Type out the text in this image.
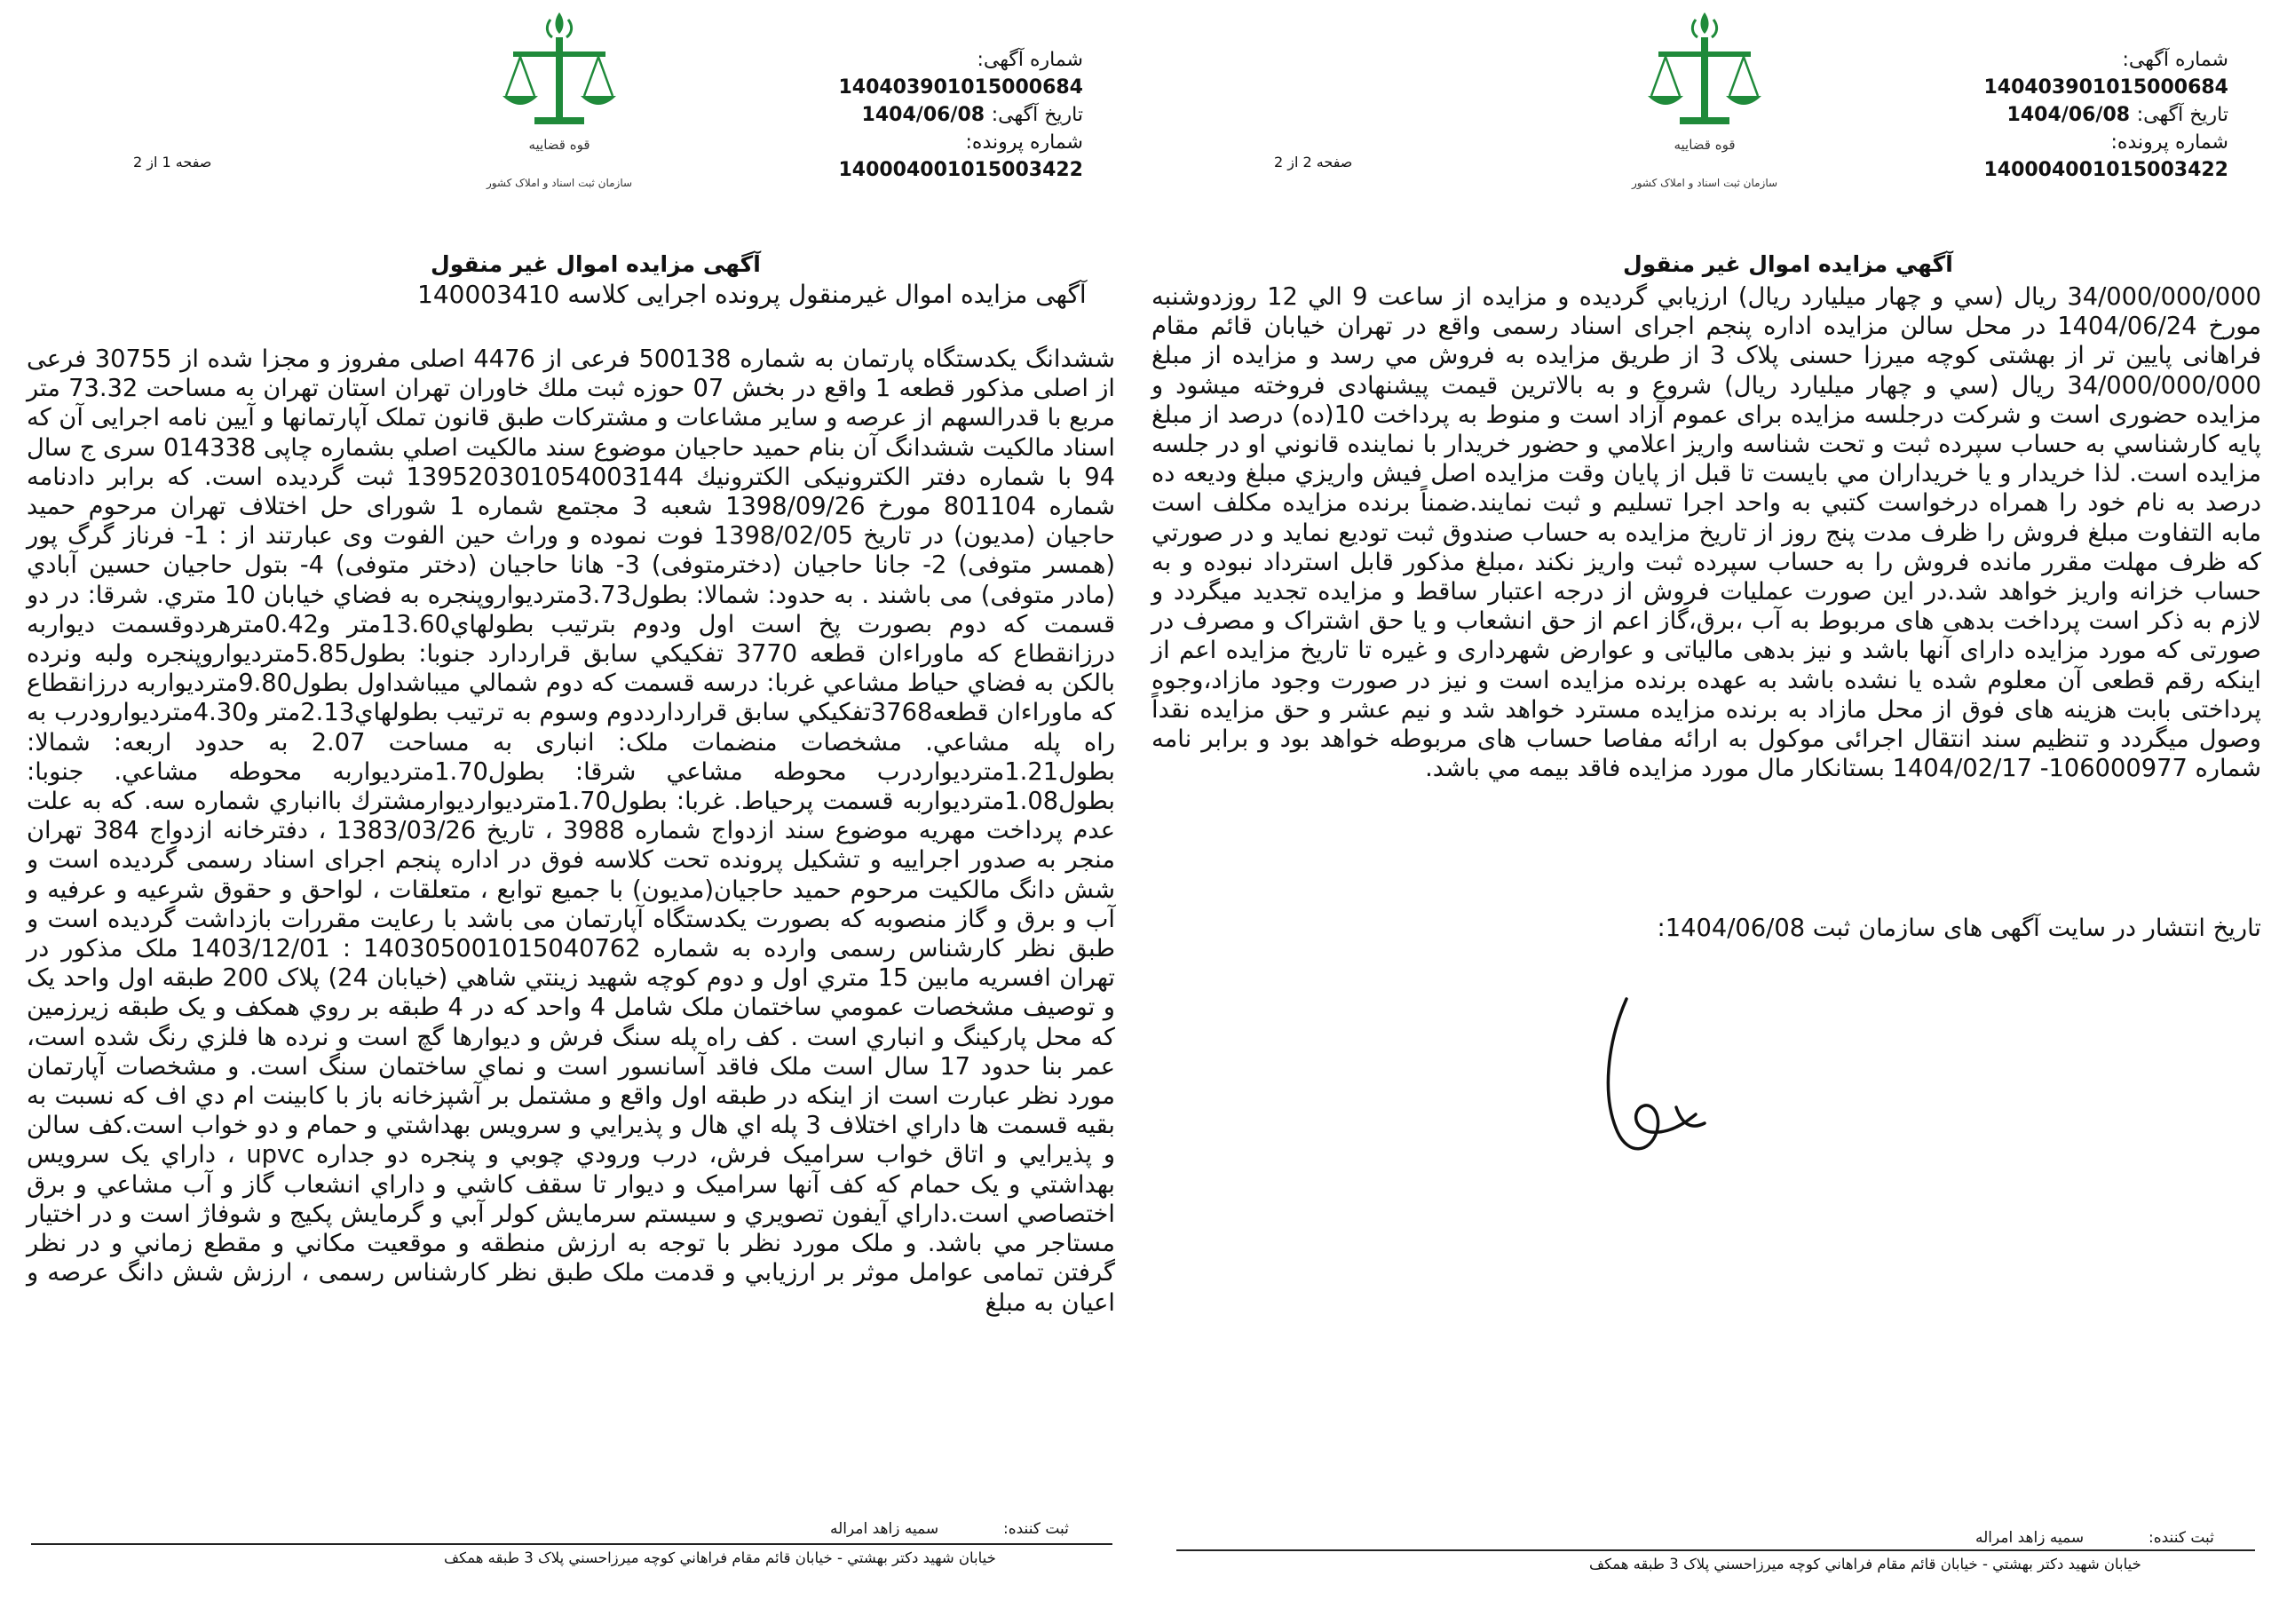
شماره آگهی: 140403901015000684
تاریخ آگهی: 1404/06/08
شماره پرونده: 140004001015003422
قوه قضاییه
سازمان ثبت اسناد و املاک کشور
صفحه 1 از 2
آگهی مزایده اموال غیر منقول
آگهی مزایده اموال غیرمنقول پرونده اجرایی کلاسه 140003410
ششدانگ یکدستگاه پارتمان به شماره 500138 فرعی از 4476 اصلی مفروز و مجزا شده از 30755 فرعی از اصلی مذکور قطعه 1 واقع در بخش 07 حوزه ثبت ملك خاوران تهران استان تهران به مساحت 73.32 متر مربع با قدرالسهم از عرصه و سایر مشاعات و مشترکات طبق قانون تملک آپارتمانها و آیین نامه اجرایی آن که اسناد مالکیت ششدانگ آن بنام حمید حاجیان موضوع سند مالكيت اصلي بشماره چاپی 014338 سری ج سال 94 با شماره دفتر الکترونیکی الكترونيك 139520301054003144 ثبت گردیده است. که برابر دادنامه شماره 801104 مورخ 1398/09/26 شعبه 3 مجتمع شماره 1 شورای حل اختلاف تهران مرحوم حمید حاجیان (مدیون) در تاریخ 1398/02/05 فوت نموده و وراث حین الفوت وی عبارتند از : 1- فرناز گرگ پور (همسر متوفی) 2- جانا حاجیان (دخترمتوفی) 3- هانا حاجیان (دختر متوفی) 4- بتول حاجیان حسین آبادي (مادر متوفی) می باشند . به حدود: شمالا: بطول3.73متردیواروپنجره به فضاي خيابان 10 متري. شرقا: در دو قسمت که دوم بصورت پخ است اول ودوم بترتیب بطولهاي13.60متر و0.42مترهردوقسمت دیواربه درزانقطاع که ماوراءان قطعه 3770 تفکیکي سابق قراردارد جنوبا: بطول5.85متردیواروپنجره ولبه ونرده بالکن به فضاي حیاط مشاعي غربا: درسه قسمت که دوم شمالي میباشداول بطول9.80متردیواربه درزانقطاع که ماوراءان قطعه3768تفکیکي سابق قراردارددوم وسوم به ترتيب بطولهاي2.13متر و4.30متردیوارودرب به راه پله مشاعي. مشخصات منضمات ملک: انباری به مساحت 2.07 به حدود اربعه: شمالا: بطول1.21متردیواردرب محوطه مشاعي شرقا: بطول1.70متردیواربه محوطه مشاعي. جنوبا: بطول1.08متردیواربه قسمت پرحیاط. غربا: بطول1.70متردیواردیوارمشترك باانباري شماره سه. که به علت عدم پرداخت مهریه موضوع سند ازدواج شماره 3988 ، تاریخ 1383/03/26 ، دفترخانه ازدواج 384 تهران منجر به صدور اجراییه و تشکیل پرونده تحت کلاسه فوق در اداره پنجم اجرای اسناد رسمی گردیده است و شش دانگ مالکیت مرحوم حمید حاجیان(مدیون) با جميع توابع ، متعلقات ، لواحق و حقوق شرعیه و عرفیه و آب و برق و گاز منصوبه که بصورت یکدستگاه آپارتمان می باشد با رعایت مقررات بازداشت گردیده است و طبق نظر کارشناس رسمی وارده به شماره 140305001015040762 : 1403/12/01 ملک مذکور در تهران افسریه مابین 15 متري اول و دوم کوچه شهید زينتي شاهي (خیابان 24) پلاک 200 طبقه اول واحد یک و توصیف مشخصات عمومي ساختمان ملک شامل 4 واحد که در 4 طبقه بر روي همکف و یک طبقه زيرزمين که محل پارکینگ و انباري است . کف راه پله سنگ فرش و دیوارها گچ است و نرده ها فلزي رنگ شده است، عمر بنا حدود 17 سال است ملک فاقد آسانسور است و نماي ساختمان سنگ است. و مشخصات آپارتمان مورد نظر عبارت است از اینکه در طبقه اول واقع و مشتمل بر آشپزخانه باز با کابینت ام دي اف که نسبت به بقيه قسمت ها داراي اختلاف 3 پله اي هال و پذیرایي و سرویس بهداشتي و حمام و دو خواب است.کف سالن و پذیرایي و اتاق خواب سرامیک فرش، درب ورودي چوبي و پنجره دو جداره upvc ، داراي یک سرویس بهداشتي و یک حمام که کف آنها سرامیک و دیوار تا سقف کاشي و داراي انشعاب گاز و آب مشاعي و برق اختصاصي است.داراي آيفون تصويري و سیستم سرمایش کولر آبي و گرمایش پکیج و شوفاژ است و در اختیار مستاجر مي باشد. و ملک مورد نظر با توجه به ارزش منطقه و موقعیت مکاني و مقطع زماني و در نظر گرفتن تمامی عوامل موثر بر ارزیابي و قدمت ملک طبق نظر کارشناس رسمی ، ارزش شش دانگ عرصه و اعيان به مبلغ
ثبت کننده:
سمیه زاهد امراله
خيابان شهيد دكتر بهشتي - خيابان قائم مقام فراهاني كوچه ميرزاحسني پلاک 3 طبقه همکف
شماره آگهی: 140403901015000684
تاریخ آگهی: 1404/06/08
شماره پرونده: 140004001015003422
قوه قضاییه
سازمان ثبت اسناد و املاک کشور
صفحه 2 از 2
آگهي مزايده اموال غير منقول
34/000/000/000 ريال (سي و چهار ميليارد ريال) ارزيابي گرديده و مزايده از ساعت 9 الي 12 روزدوشنبه مورخ 1404/06/24 در محل سالن مزايده اداره پنجم اجرای اسناد رسمی واقع در تهران خيابان قائم مقام فراهانی پایین تر از بهشتی کوچه میرزا حسنی پلاک 3 از طريق مزايده به فروش مي رسد و مزايده از مبلغ 34/000/000/000 ريال (سي و چهار ميليارد ريال) شروع و به بالاترين قيمت پيشنهادی فروخته ميشود و مزايده حضوری است و شرکت درجلسه مزايده برای عموم آزاد است و منوط به پرداخت 10(ده) درصد از مبلغ پايه کارشناسي به حساب سپرده ثبت و تحت شناسه واريز اعلامي و حضور خريدار با نماينده قانوني او در جلسه مزايده است. لذا خريدار و يا خريداران مي بايست تا قبل از پايان وقت مزايده اصل فيش واريزي مبلغ وديعه ده درصد به نام خود را همراه درخواست کتبي به واحد اجرا تسليم و ثبت نمايند.ضمناً برنده مزايده مکلف است مابه التفاوت مبلغ فروش را ظرف مدت پنج روز از تاريخ مزايده به حساب صندوق ثبت توديع نمايد و در صورتي که ظرف مهلت مقرر مانده فروش را به حساب سپرده ثبت واريز نكند ،مبلغ مذکور قابل استرداد نبوده و به حساب خزانه واريز خواهد شد.در اين صورت عمليات فروش از درجه اعتبار ساقط و مزايده تجديد ميگردد و لازم به ذکر است پرداخت بدهی های مربوط به آب ،برق،گاز اعم از حق انشعاب و يا حق اشتراک و مصرف در صورتی که مورد مزايده دارای آنها باشد و نيز بدهی مالياتی و عوارض شهرداری و غيره تا تاريخ مزايده اعم از اينکه رقم قطعی آن معلوم شده يا نشده باشد به عهده برنده مزايده است و نيز در صورت وجود مازاد،وجوه پرداختی بابت هزينه های فوق از محل مازاد به برنده مزايده مسترد خواهد شد و نيم عشر و حق مزايده نقداً وصول ميگردد و تنظيم سند انتقال اجرائی موکول به ارائه مفاصا حساب های مربوطه خواهد بود و برابر نامه شماره 106000977- 1404/02/17 بستانکار مال مورد مزايده فاقد بيمه مي باشد.
تاریخ انتشار در سایت آگهی های سازمان ثبت 1404/06/08:
ثبت کننده:
سمیه زاهد امراله
خيابان شهيد دكتر بهشتي - خيابان قائم مقام فراهاني كوچه ميرزاحسني پلاک 3 طبقه همکف
